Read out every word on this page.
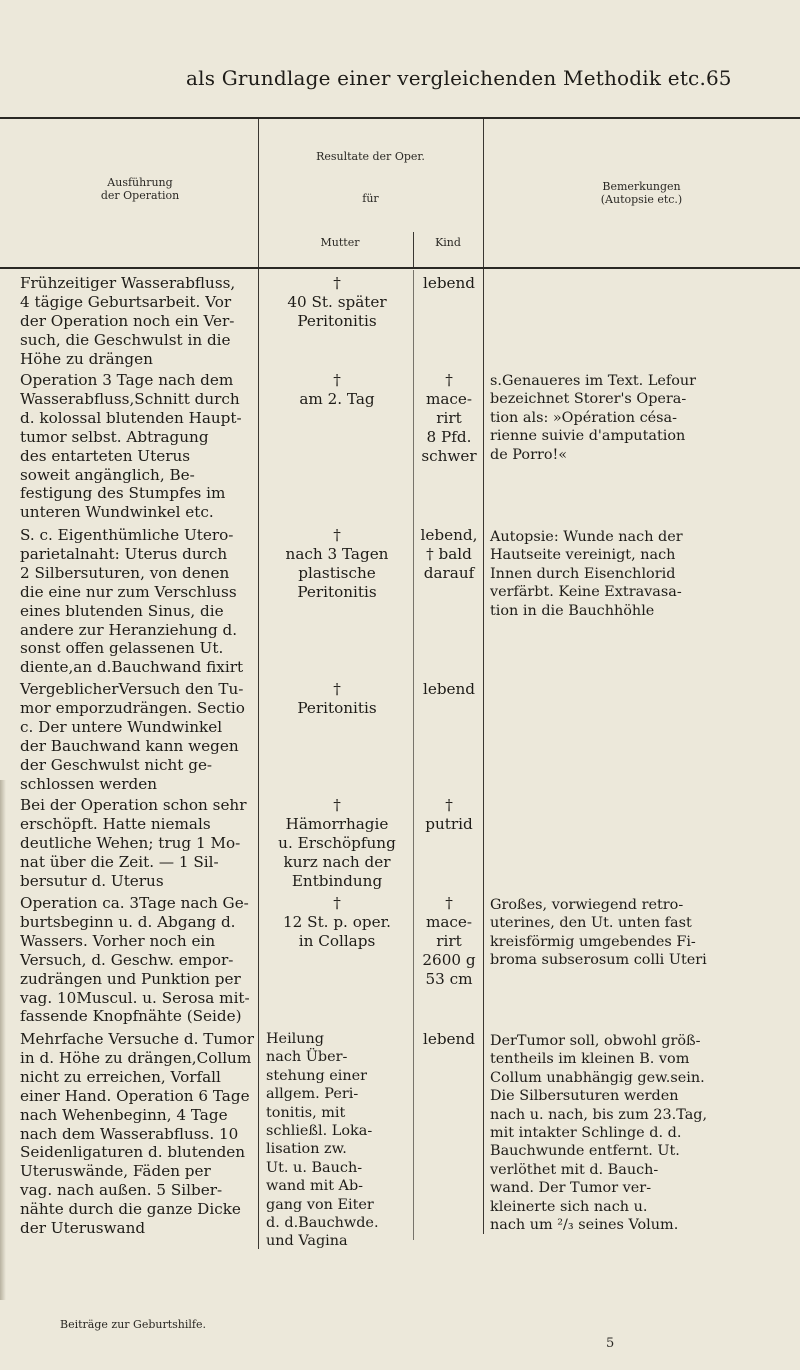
als Grundlage einer vergleichenden Methodik etc. 65
Ausführung
der Operation
Resultate der Oper.
für
Mutter	Kind
Bemerkungen
(Autopsie etc.)
Frühzeitiger Wasserabfluss,
4 tägige Geburtsarbeit. Vor
der Operation noch ein Ver-
such, die Geschwulst in die
Höhe zu drängen
†
40 St. später
Peritonitis
lebend
Operation 3 Tage nach dem
Wasserabfluss,Schnitt durch
d. kolossal blutenden Haupt-
tumor selbst. Abtragung
des entarteten Uterus
soweit angänglich, Be-
festigung des Stumpfes im
unteren Wundwinkel etc.
†
am 2. Tag
†
mace-
rirt
8 Pfd.
schwer
s.Genaueres im Text. Lefour
bezeichnet Storer's Opera-
tion als: »Opération césa-
rienne suivie d'amputation
de Porro!«
S. c. Eigenthümliche Utero-
parietalnaht: Uterus durch
2 Silbersuturen, von denen
die eine nur zum Verschluss
eines blutenden Sinus, die
andere zur Heranziehung d.
sonst offen gelassenen Ut.
diente,an d.Bauchwand fixirt
†
nach 3 Tagen
plastische
Peritonitis
lebend,
† bald
darauf
Autopsie: Wunde nach der
Hautseite vereinigt, nach
Innen durch Eisenchlorid
verfärbt. Keine Extravasa-
tion in die Bauchhöhle
VergeblicherVersuch den Tu-
mor emporzudrängen. Sectio
c. Der untere Wundwinkel
der Bauchwand kann wegen
der Geschwulst nicht ge-
schlossen werden
†
Peritonitis
lebend
Bei der Operation schon sehr
erschöpft. Hatte niemals
deutliche Wehen; trug 1 Mo-
nat über die Zeit. — 1 Sil-
bersutur d. Uterus
†
Hämorrhagie
u. Erschöpfung
kurz nach der
Entbindung
†
putrid
Operation ca. 3Tage nach Ge-
burtsbeginn u. d. Abgang d.
Wassers. Vorher noch ein
Versuch, d. Geschw. empor-
zudrängen und Punktion per
vag. 10Muscul. u. Serosa mit-
fassende Knopfnähte (Seide)
†
12 St. p. oper.
in Collaps
†
mace-
rirt
2600 g
53 cm
Großes, vorwiegend retro-
uterines, den Ut. unten fast
kreisförmig umgebendes Fi-
broma subserosum colli Uteri
Mehrfache Versuche d. Tumor
in d. Höhe zu drängen,Collum
nicht zu erreichen, Vorfall
einer Hand. Operation 6 Tage
nach Wehenbeginn, 4 Tage
nach dem Wasserabfluss. 10
Seidenligaturen d. blutenden
Uteruswände, Fäden per
vag. nach außen. 5 Silber-
nähte durch die ganze Dicke
der Uteruswand
Heilung
nach Über-
stehung einer
allgem. Peri-
tonitis, mit
schließl. Loka-
lisation zw.
Ut. u. Bauch-
wand mit Ab-
gang von Eiter
d. d.Bauchwde.
und Vagina
lebend	DerTumor soll, obwohl größ-
tentheils im kleinen B. vom
Collum unabhängig gew.sein.
Die Silbersuturen werden
nach u. nach, bis zum 23.Tag,
mit intakter Schlinge d. d.
Bauchwunde entfernt. Ut.
verlöthet mit d. Bauch-
wand. Der Tumor ver-
kleinerte sich nach u.
nach um ²/₃ seines Volum.
Beiträge zur Geburtshilfe.
5
